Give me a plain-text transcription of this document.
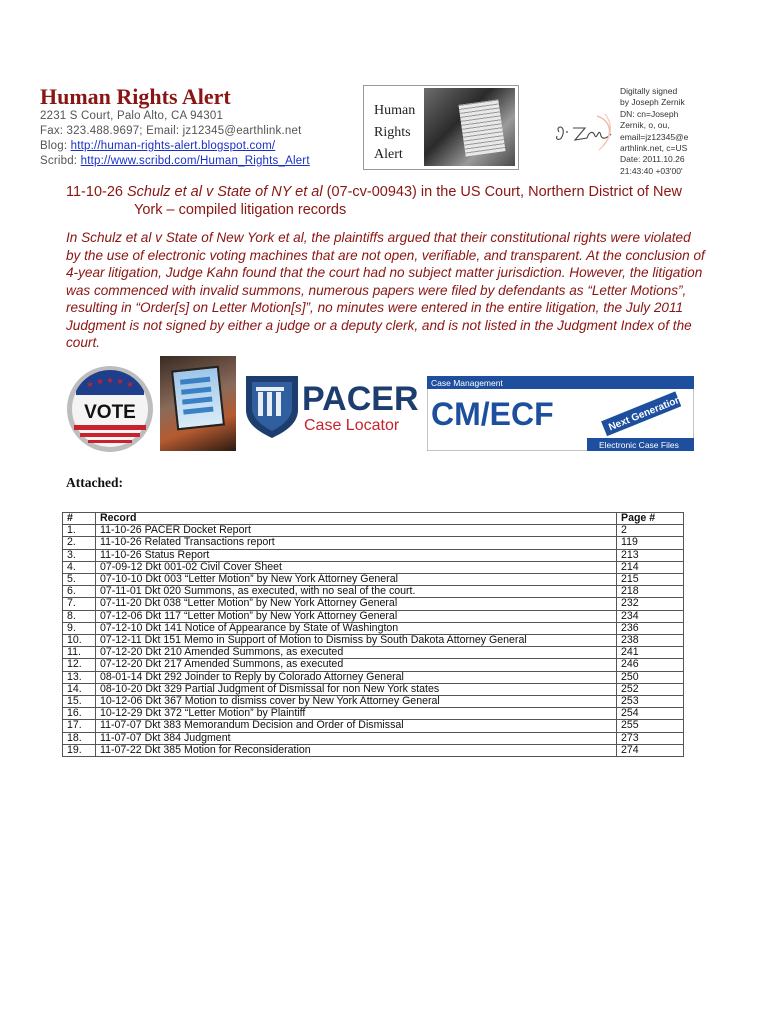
Human Rights Alert
2231 S Court, Palo Alto, CA 94301
Fax: 323.488.9697; Email: jz12345@earthlink.net
Blog: http://human-rights-alert.blogspot.com/
Scribd: http://www.scribd.com/Human_Rights_Alert
Human
Rights
Alert
Digitally signed
by Joseph Zernik
DN: cn=Joseph
Zernik, o, ou,
email=jz12345@e
arthlink.net, c=US
Date: 2011.10.26
21:43:40 +03'00'
11-10-26 Schulz et al v State of NY et al (07-cv-00943) in the US Court, Northern District of New
York – compiled litigation records
In Schulz et al v State of New York et al, the plaintiffs argued that their constitutional rights were violated by the use of electronic voting machines that are not open, verifiable, and transparent. At the conclusion of 4-year litigation, Judge Kahn found that the court had no subject matter jurisdiction. However, the litigation was commenced with invalid summons, numerous papers were filed by defendants as “Letter Motions”, resulting in “Order[s] on Letter Motion[s]”, no minutes were entered in the entire litigation, the July 2011 Judgment is not signed by either a judge or a deputy clerk, and is not listed in the Judgment Index of the court.
★ ★ ★ ★ ★
VOTE	PACER
Case Locator
Case Management
CM/ECF	Next Generation
Electronic Case Files
Attached:
#	Record	Page #
1.	11-10-26 PACER Docket Report	2
2.	11-10-26 Related Transactions report	119
3.	11-10-26 Status Report	213
4.	07-09-12 Dkt 001-02 Civil Cover Sheet	214
5.	07-10-10 Dkt 003 “Letter Motion” by New York Attorney General	215
6.	07-11-01 Dkt 020 Summons, as executed, with no seal of the court.	218
7.	07-11-20 Dkt 038 “Letter Motion” by New York Attorney General	232
8.	07-12-06 Dkt 117 “Letter Motion” by New York Attorney General	234
9.	07-12-10 Dkt 141 Notice of Appearance by State of Washington	236
10.	07-12-11 Dkt 151 Memo in Support of Motion to Dismiss by South Dakota Attorney General	238
11.	07-12-20 Dkt 210 Amended Summons, as executed	241
12.	07-12-20 Dkt 217 Amended Summons, as executed	246
13.	08-01-14 Dkt 292 Joinder to Reply by Colorado Attorney General	250
14.	08-10-20 Dkt 329 Partial Judgment of Dismissal for non New York states	252
15.	10-12-06 Dkt 367 Motion to dismiss cover by New York Attorney General	253
16.	10-12-29 Dkt 372 “Letter Motion” by Plaintiff	254
17.	11-07-07 Dkt 383 Memorandum Decision and Order of Dismissal	255
18.	11-07-07 Dkt 384 Judgment	273
19.	11-07-22 Dkt 385 Motion for Reconsideration	274
